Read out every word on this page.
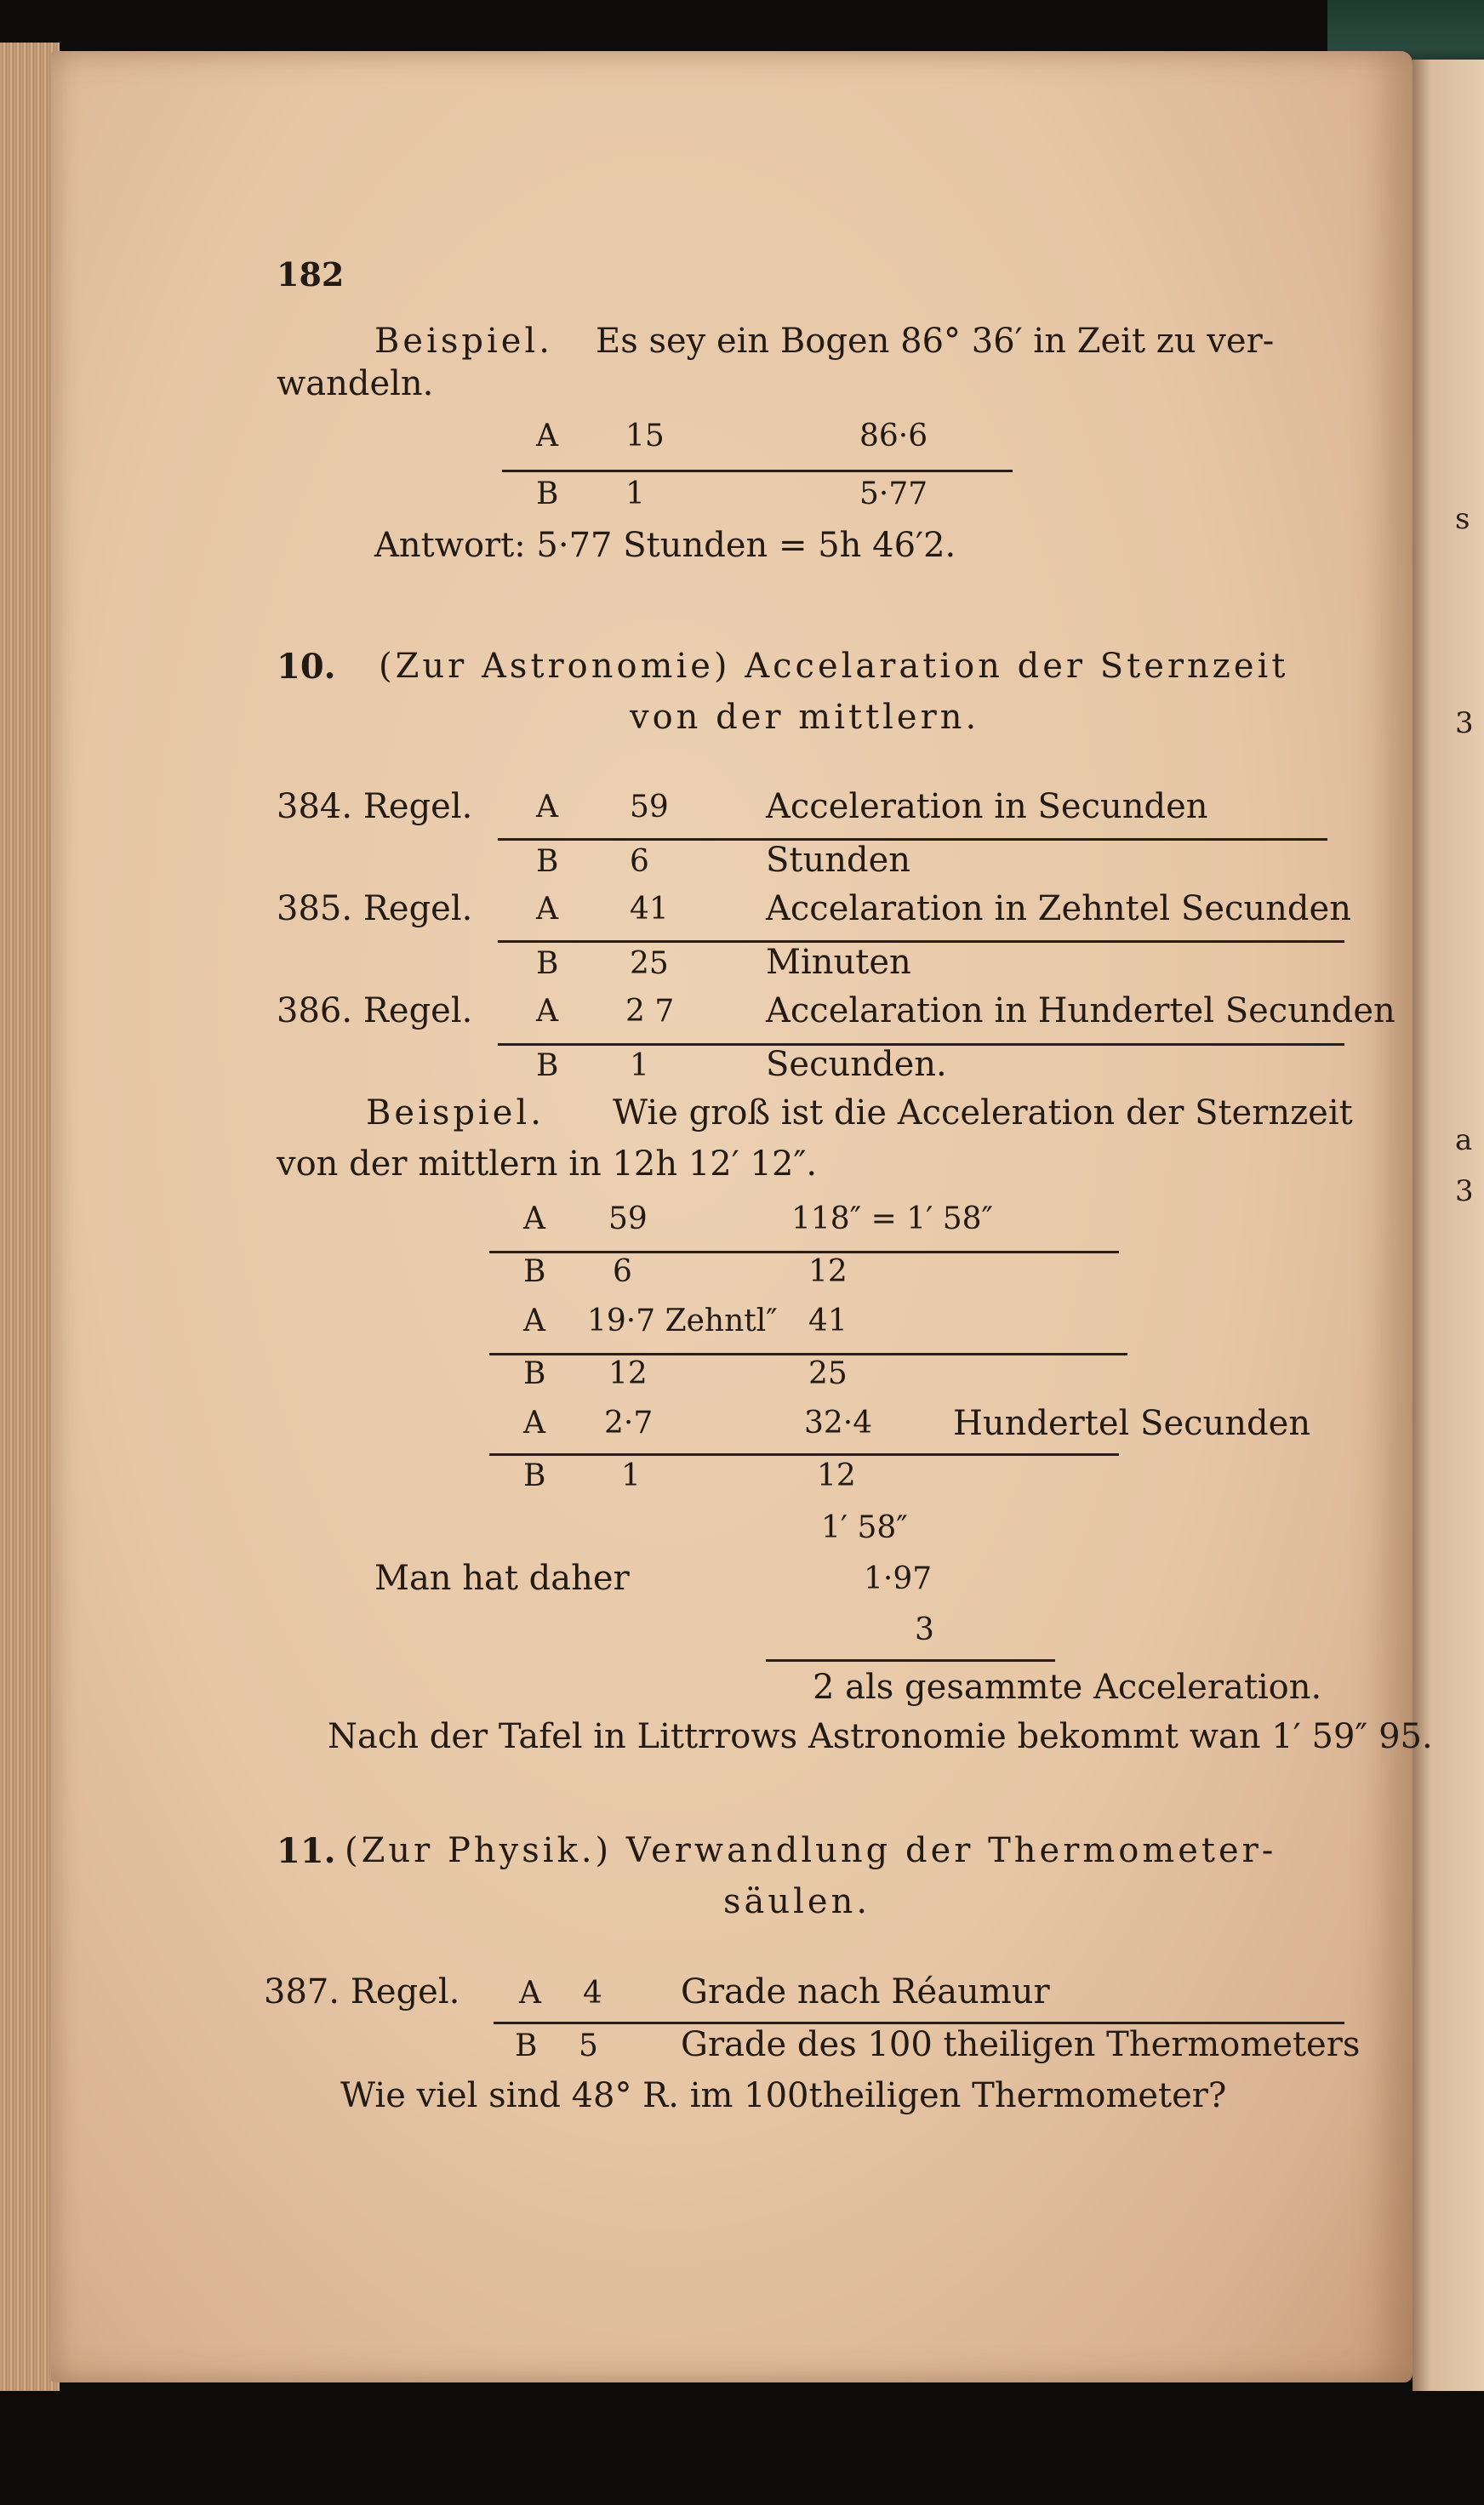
s
3
a
3
182
Beispiel. Es sey ein Bogen 86° 36′ in Zeit zu ver-
wandeln.
A 15	86·6
B 1	5·77
Antwort: 5·77 Stunden = 5h 46′2.
10. (Zur Astronomie) Accelaration der Sternzeit
von der mittlern.
384. Regel. A 59	Acceleration in Secunden
B 6	Stunden
385. Regel. A 41	Accelaration in Zehntel Secunden
B 25	Minuten
386. Regel. A 2 7	Accelaration in Hundertel Secunden
B 1	Secunden.
Beispiel. Wie groß ist die Acceleration der Sternzeit
von der mittlern in 12h 12′ 12″.
A 59	118″ = 1′ 58″
B 6	12
A 19·7 Zehntl″ 41
B 12	25
A 2·7	32·4 Hundertel Secunden
B 1	12
1′ 58″
Man hat daher	1·97
3
2 als gesammte Acceleration.
Nach der Tafel in Littrrows Astronomie bekommt wan 1′ 59″ 95.
11. (Zur Physik.) Verwandlung der Thermometer-
säulen.
387. Regel. A 4 Grade nach Réaumur
B 5 Grade des 100 theiligen Thermometers
Wie viel sind 48° R. im 100theiligen Thermometer?
